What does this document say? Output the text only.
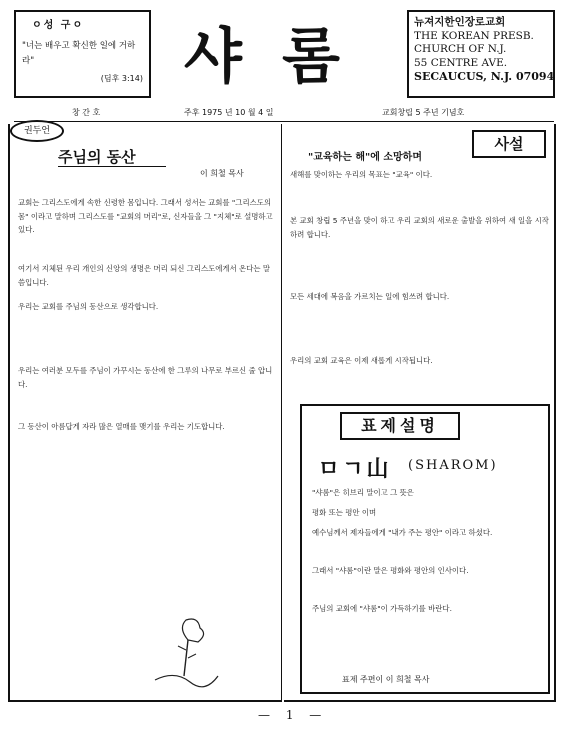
ㅇ성 구ㅇ
"너는 배우고 확신한 일에 거하라"
(딤후 3:14) 샤롬	뉴져지한인장로교회
THE KOREAN PRESB.
CHURCH OF N.J.
55 CENTRE AVE.
SECAUCUS, N.J. 07094
창 간 호	주후 1975 년 10 월 4 일	교회창립 5 주년 기념호
권두언
주님의 동산
이 희철 목사
교회는 그리스도에게 속한 신령한 몸입니다. 그래서 성서는 교회를 "그리스도의 몸" 이라고 말하며 그리스도를 "교회의 머리"로, 신자들을 그 "지체"로 설명하고 있다.
여기서 지체된 우리 개인의 신앙의 생명은 머리 되신 그리스도에게서 온다는 말씀입니다.
우리는 교회를 주님의 동산으로 생각합니다.
우리는 여러분 모두를 주님이 가꾸시는 동산에 한 그루의 나무로 부르신 줄 압니다.
그 동산이 아름답게 자라 많은 열매를 맺기를 우리는 기도합니다.
사설
"교육하는 해"에 소망하며
새해를 맞이하는 우리의 목표는 "교육" 이다.
본 교회 창립 5 주년을 맞이 하고 우리 교회의 새로운 출발을 위하여 새 일을 시작 하려 합니다.
모든 세대에 복음을 가르치는 일에 힘쓰려 합니다.
우리의 교회 교육은 이제 새롭게 시작됩니다.
표제설명
ㅁㄱ山 (SHAROM)
"샤롬"은 히브리 말이고 그 뜻은
평화 또는 평안 이며
예수님께서 제자들에게 "내가 주는 평안" 이라고 하셨다.
그래서 "샤롬"이란 말은 평화와 평안의 인사이다.
주님의 교회에 "샤롬"이 가득하기를 바란다.
표제 주편이 이 희철 목사
— 1 —
